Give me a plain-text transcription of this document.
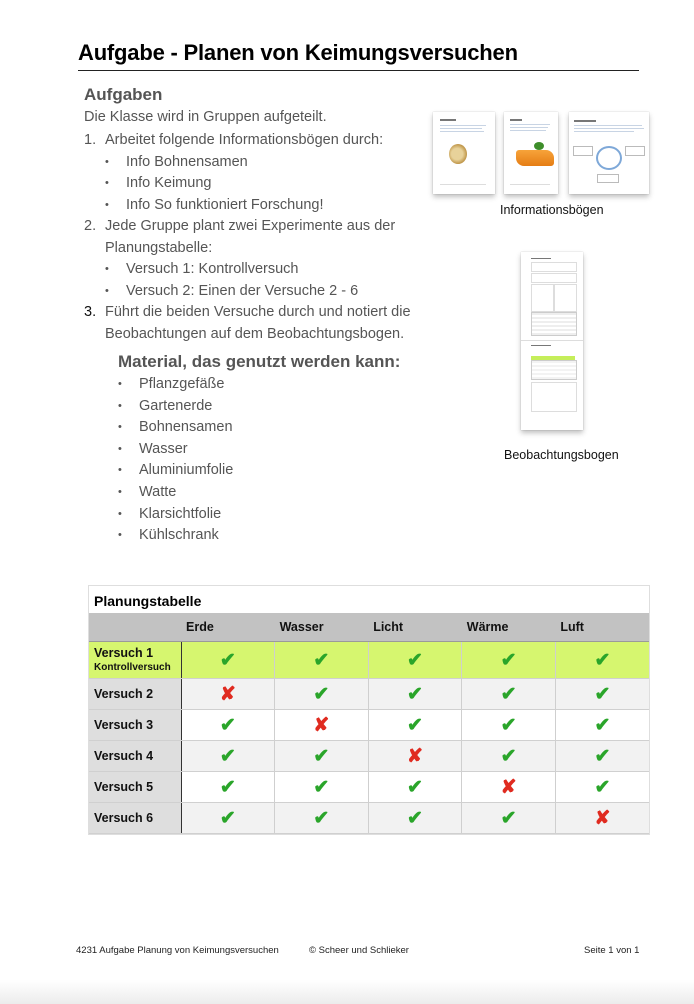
Aufgabe - Planen von Keimungsversuchen
Aufgaben
Die Klasse wird in Gruppen aufgeteilt.
1. Arbeitet folgende Informationsbögen durch:
• Info Bohnensamen
• Info Keimung
• Info So funktioniert Forschung!
2. Jede Gruppe plant zwei Experimente aus der
Planungstabelle:
• Versuch 1: Kontrollversuch
• Versuch 2: Einen der Versuche 2 - 6
3. Führt die beiden Versuche durch und notiert die
Beobachtungen auf dem Beobachtungsbogen.
Material, das genutzt werden kann:
• Pflanzgefäße
• Gartenerde
• Bohnensamen
• Wasser
• Aluminiumfolie
• Watte
• Klarsichtfolie
• Kühlschrank
Informationsbögen
Beobachtungsbogen
Planungstabelle
	Erde	Wasser	Licht	Wärme	Luft
Versuch 1
Kontrollversuch	✔	✔	✔	✔	✔
Versuch 2	✘	✔	✔	✔	✔
Versuch 3	✔	✘	✔	✔	✔
Versuch 4	✔	✔	✘	✔	✔
Versuch 5	✔	✔	✔	✘	✔
Versuch 6	✔	✔	✔	✔	✘
4231 Aufgabe Planung von Keimungsversuchen	© Scheer und Schlieker	Seite 1 von 1
